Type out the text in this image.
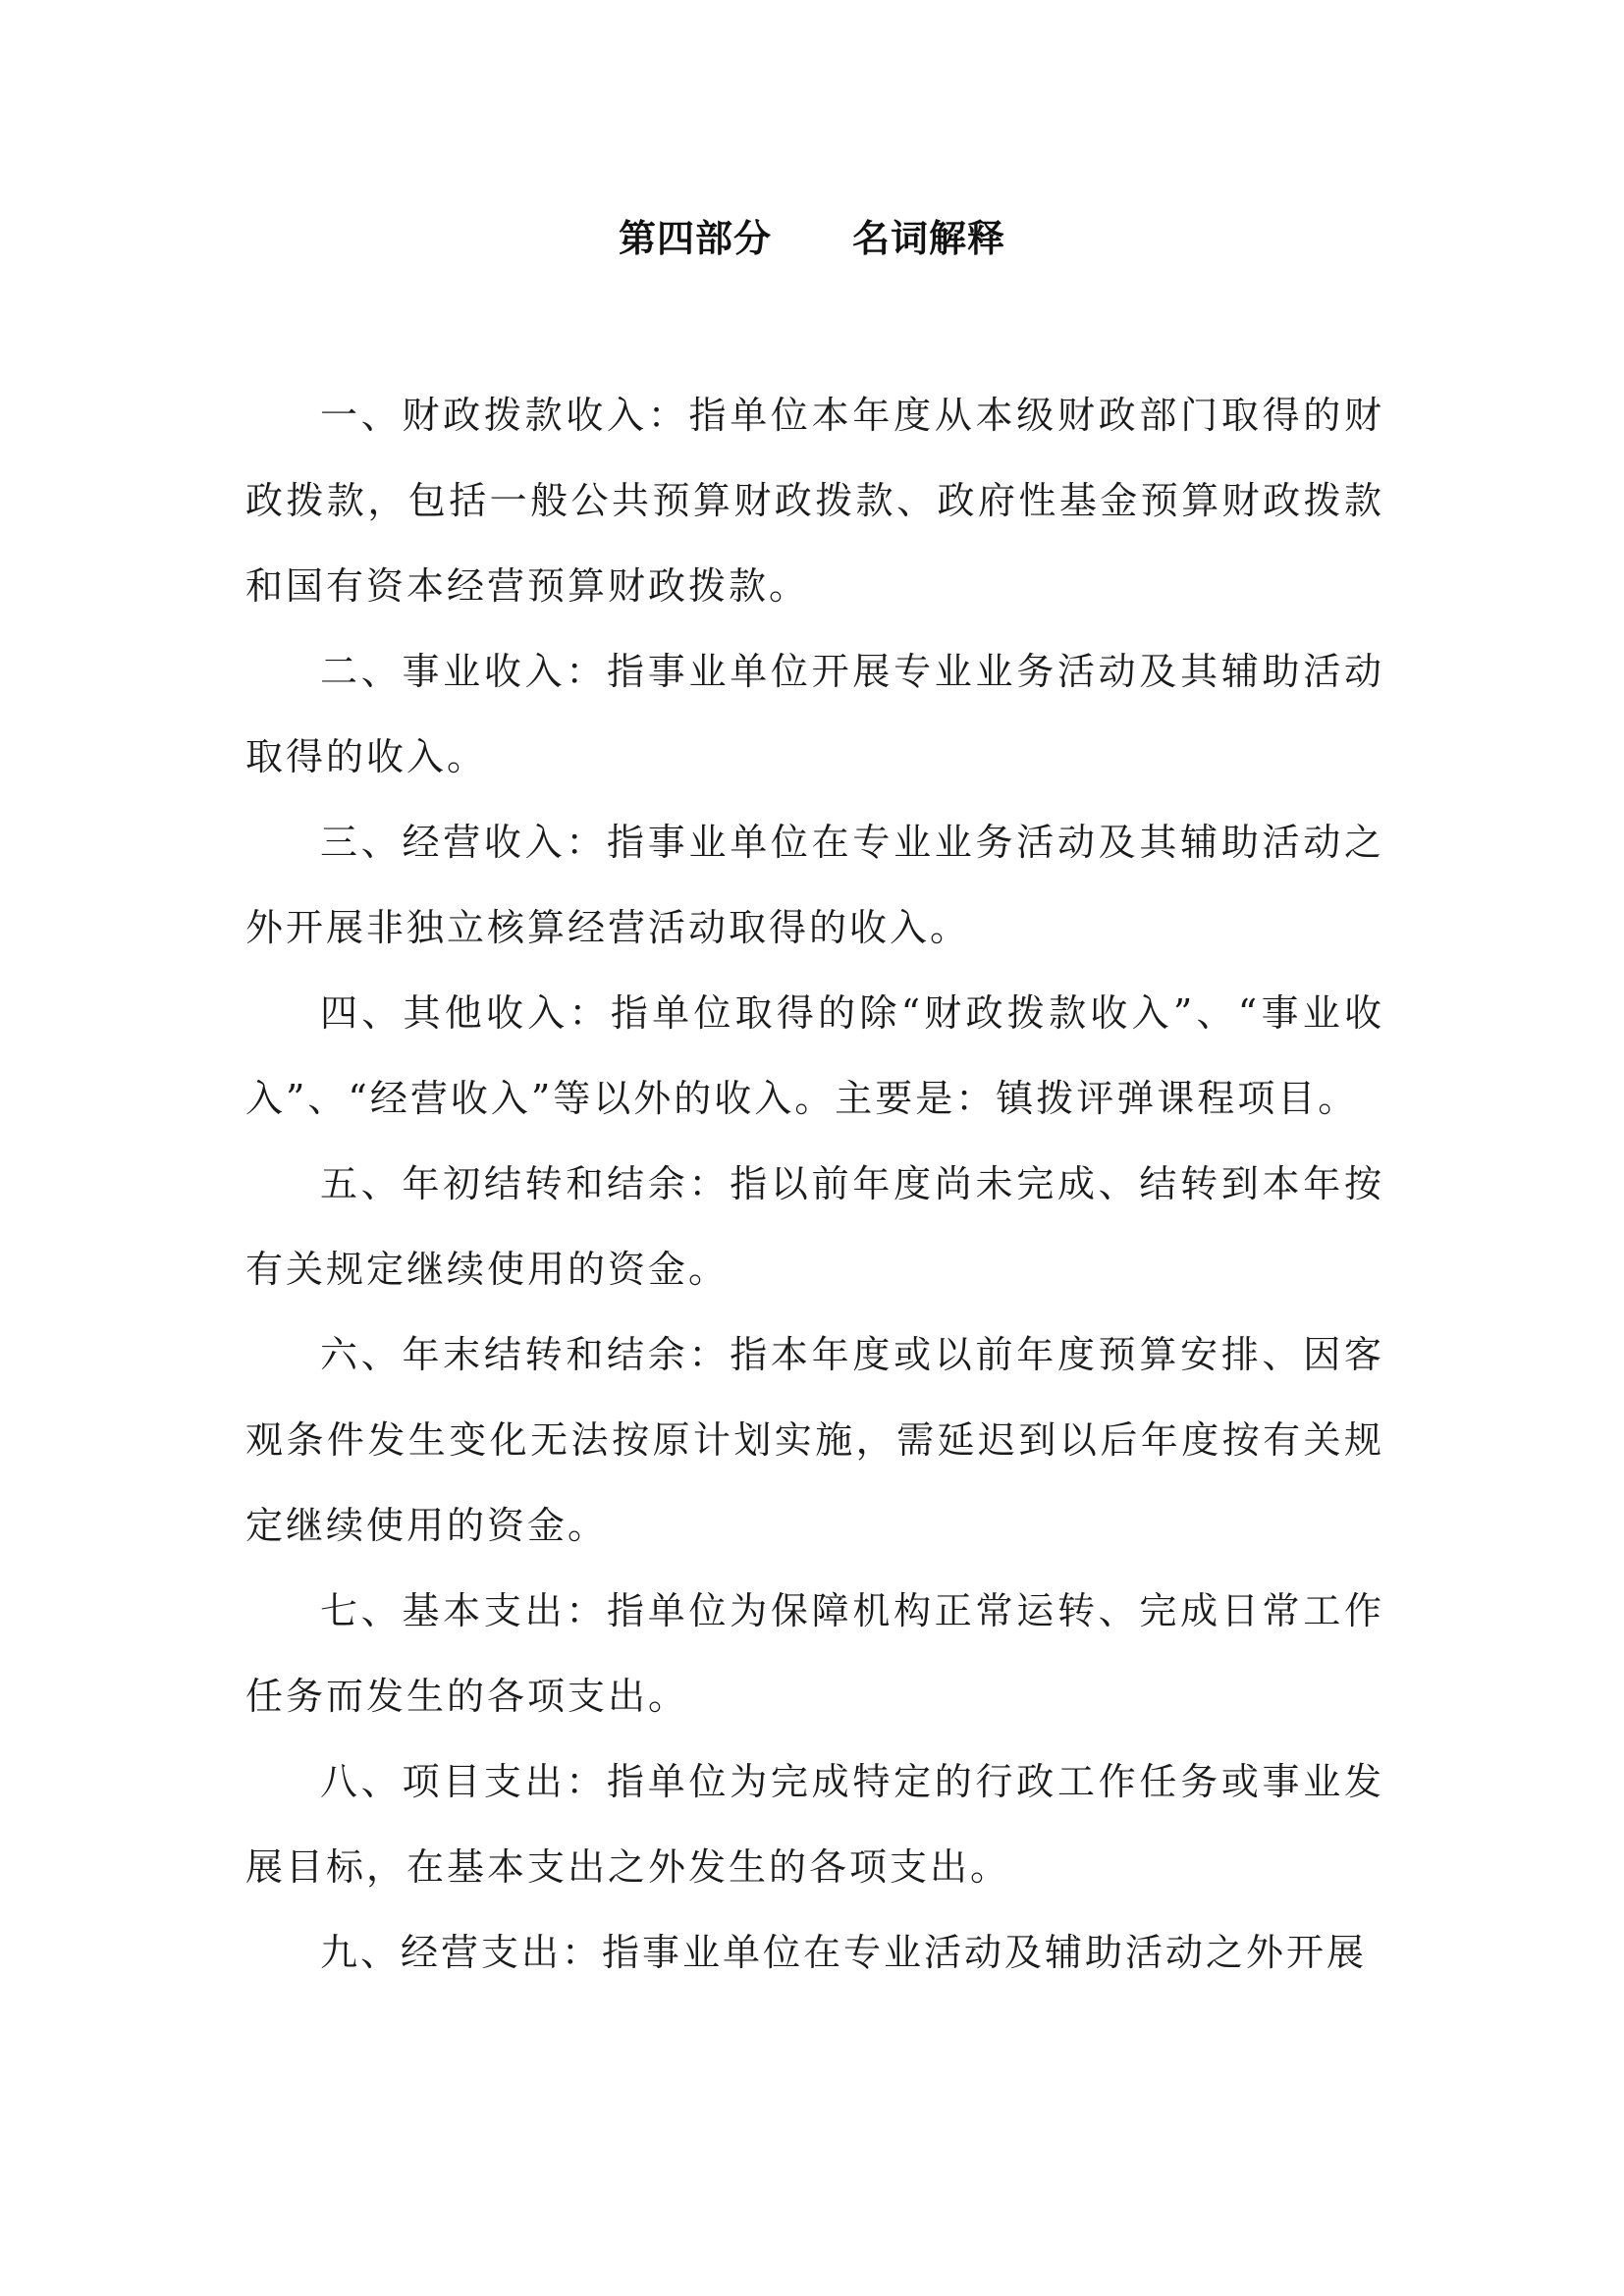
第四部分 名词解释

一、财政拨款收入：指单位本年度从本级财政部门取得的财政拨款，包括一般公共预算财政拨款、政府性基金预算财政拨款和国有资本经营预算财政拨款。

二、事业收入：指事业单位开展专业业务活动及其辅助活动取得的收入。

三、经营收入：指事业单位在专业业务活动及其辅助活动之外开展非独立核算经营活动取得的收入。

四、其他收入：指单位取得的除“财政拨款收入”、“事业收入”、“经营收入”等以外的收入。主要是：镇拨评弹课程项目。

五、年初结转和结余：指以前年度尚未完成、结转到本年按有关规定继续使用的资金。

六、年末结转和结余：指本年度或以前年度预算安排、因客观条件发生变化无法按原计划实施，需延迟到以后年度按有关规定继续使用的资金。

七、基本支出：指单位为保障机构正常运转、完成日常工作任务而发生的各项支出。

八、项目支出：指单位为完成特定的行政工作任务或事业发展目标，在基本支出之外发生的各项支出。

九、经营支出：指事业单位在专业活动及辅助活动之外开展
